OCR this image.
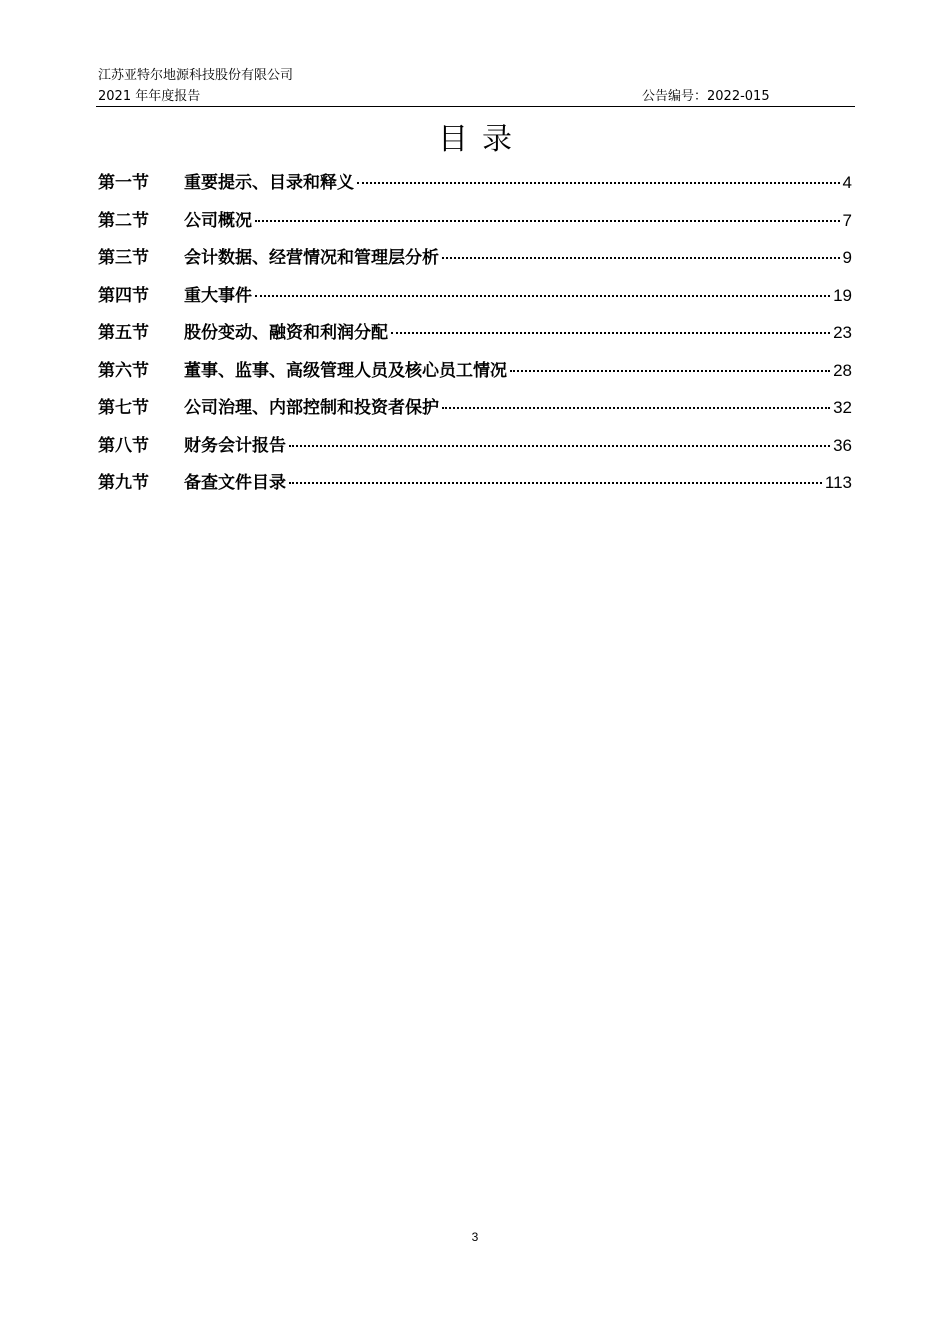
江苏亚特尔地源科技股份有限公司
2021 年年度报告	公告编号：2022-015
目录
第一节	重要提示、目录和释义	4
第二节	公司概况	7
第三节	会计数据、经营情况和管理层分析	9
第四节	重大事件	19
第五节	股份变动、融资和利润分配	23
第六节	董事、监事、高级管理人员及核心员工情况	28
第七节	公司治理、内部控制和投资者保护	32
第八节	财务会计报告	36
第九节	备查文件目录	113
3
